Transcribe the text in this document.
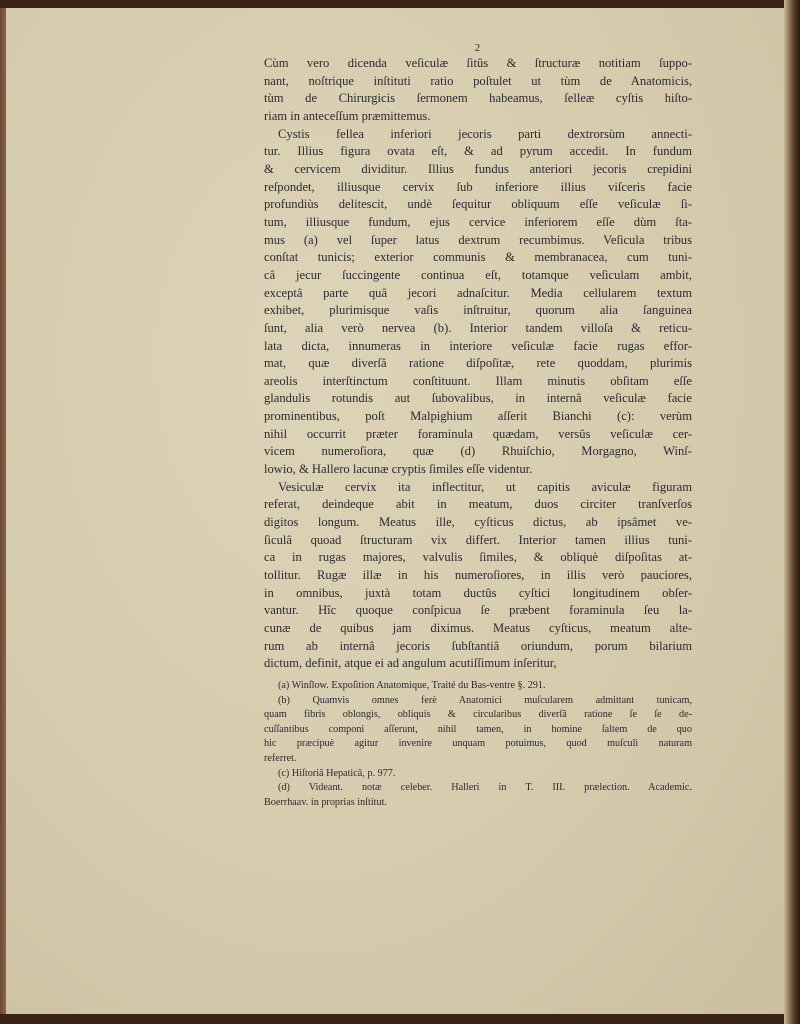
2
Cùm vero dicenda veſiculæ ſitûs & ſtructuræ notitiam ſuppo-
nant, noſtrique inſtituti ratio poſtulet ut tùm de Anatomicis,
tùm de Chirurgicis ſermonem habeamus, ſelleæ cyſtis hiſto-
riam in anteceſſum præmittemus.
Cystis fellea inferiori jecoris parti dextrorsùm annecti-
tur. Illius figura ovata eſt, & ad pyrum accedit. In fundum
& cervicem dividitur. Illius fundus anteriori jecoris crepidini
reſpondet, illiusque cervix ſub inferiore illius viſceris facie
profundiùs delitescit, undè ſequitur obliquum eſſe veſiculæ ſi-
tum, illiusque fundum, ejus cervice inferiorem eſſe dùm ſta-
mus (a) vel ſuper latus dextrum recumbimus. Veſicula tribus
conſtat tunicis; exterior communis & membranacea, cum tuni-
câ jecur ſuccingente continua eſt, totamque veſiculam ambit,
exceptâ parte quâ jecori adnaſcitur. Media cellularem textum
exhibet, plurimisque vaſis inſtruitur, quorum alia ſanguinea
ſunt, alia verò nervea (b). Interior tandem villoſa & reticu-
lata dicta, innumeras in interiore veſiculæ facie rugas effor-
mat, quæ diverſâ ratione diſpoſitæ, rete quoddam, plurimis
areolis interſtinctum conſtituunt. Illam minutis obſitam eſſe
glandulis rotundis aut ſubovalibus, in internâ veſiculæ facie
prominentibus, poſt Malpighium aſſerit Bianchi (c): verùm
nihil occurrit præter foraminula quædam, versûs veſiculæ cer-
vicem numeroſiora, quæ (d) Rhuiſchio, Morgagno, Winſ-
lowio, & Hallero lacunæ cryptis ſimiles eſſe videntur.
Vesiculæ cervix ita inflectitur, ut capitis aviculæ figuram
referat, deindeque abit in meatum, duos circiter tranſverſos
digitos longum. Meatus ille, cyſticus dictus, ab ipsâmet ve-
ſiculâ quoad ſtructuram vix differt. Interior tamen illius tuni-
ca in rugas majores, valvulis ſimiles, & obliquè diſpoſitas at-
tollitur. Rugæ illæ in his numeroſiores, in illis verò pauciores,
in omnibus, juxtà totam ductûs cyſtici longitudinem obſer-
vantur. Hîc quoque conſpicua ſe præbent foraminula ſeu la-
cunæ de quibus jam diximus. Meatus cyſticus, meatum alte-
rum ab internâ jecoris ſubſtantiâ oriundum, porum bilarium
dictum, definit, atque ei ad angulum acutiſſimum inſeritur,
(a) Winſlow. Expoſition Anatomique, Traité du Bas-ventre §. 291.
(b) Quamvis omnes ferè Anatomici muſcularem admittant tunicam,
quam fibris oblongis, obliquis & circularibus diverſâ ratione ſe ſe de-
cuſſantibus componi aſſerunt, nihil tamen, in homine ſaltem de quo
hic præcipuè agitur invenire unquam potuimus, quod muſculi naturam
referret.
(c) Hiſtoriâ Hepaticâ, p. 977.
(d) Videant. notæ celeber. Halleri in T. III. prælection. Academic.
Boerrhaav. in proprias inſtitut.
